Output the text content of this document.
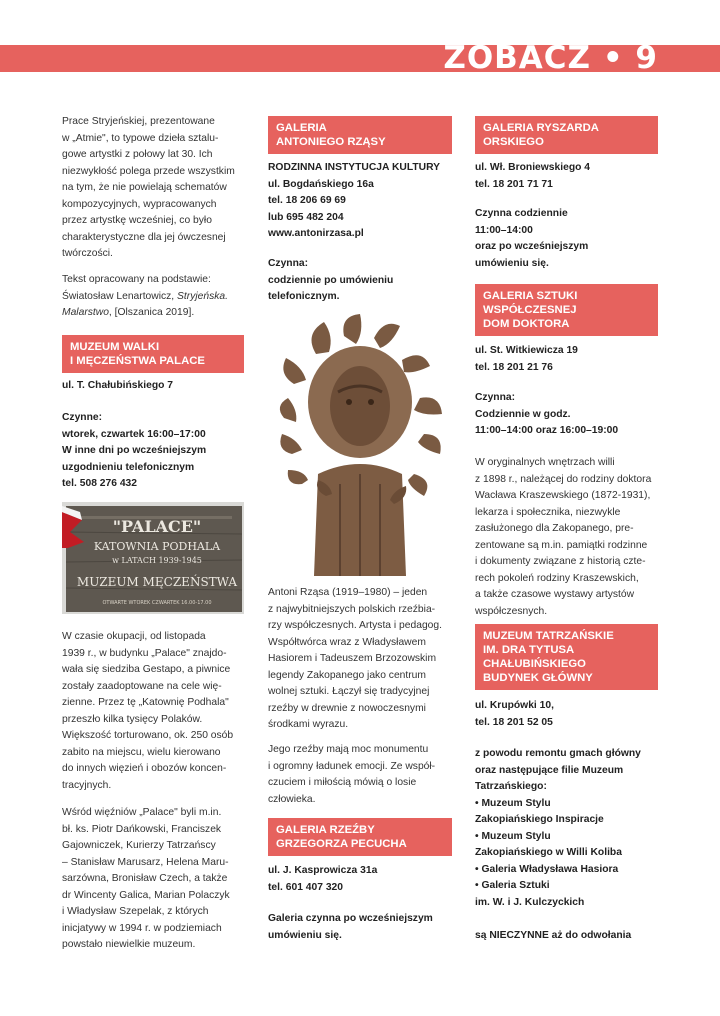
ZOBACZ • 9

Prace Stryjeńskiej, prezentowane
w „Atmie", to typowe dzieła sztalu-
gowe artystki z połowy lat 30. Ich
niezwykłość polega przede wszystkim
na tym, że nie powielają schematów
kompozycyjnych, wypracowanych
przez artystkę wcześniej, co było
charakterystyczne dla jej ówczesnej
twórczości.

Tekst opracowany na podstawie:
Światosław Lenartowicz, Stryjeńska.
Malarstwo, [Olszanica 2019].

MUZEUM WALKI
I MĘCZEŃSTWA PALACE

ul. T. Chałubińskiego 7

Czynne:
wtorek, czwartek 16:00–17:00
W inne dni po wcześniejszym
uzgodnieniu telefonicznym
tel. 508 276 432

"PALACE"
KATOWNIA PODHALA
w LATACH 1939-1945
MUZEUM MĘCZEŃSTWA
OTWARTE WTOREK CZWARTEK 16.00-17.00

W czasie okupacji, od listopada
1939 r., w budynku „Palace" znajdo-
wała się siedziba Gestapo, a piwnice
zostały zaadoptowane na cele wię-
zienne. Przez tę „Katownię Podhala"
przeszło kilka tysięcy Polaków.
Większość torturowano, ok. 250 osób
zabito na miejscu, wielu kierowano
do innych więzień i obozów koncen-
tracyjnych.

Wśród więźniów „Palace" byli m.in.
bł. ks. Piotr Dańkowski, Franciszek
Gajowniczek, Kurierzy Tatrzańscy
– Stanisław Marusarz, Helena Maru-
sarzówna, Bronisław Czech, a także
dr Wincenty Galica, Marian Polaczyk
i Władysław Szepelak, z których
inicjatywy w 1994 r. w podziemiach
powstało niewielkie muzeum.

GALERIA
ANTONIEGO RZĄSY

RODZINNA INSTYTUCJA KULTURY
ul. Bogdańskiego 16a
tel. 18 206 69 69
lub 695 482 204
www.antonirzasa.pl

Czynna:
codziennie po umówieniu
telefonicznym.

Antoni Rząsa (1919–1980) – jeden
z najwybitniejszych polskich rzeźbia-
rzy współczesnych. Artysta i pedagog.
Współtwórca wraz z Władysławem
Hasiorem i Tadeuszem Brzozowskim
legendy Zakopanego jako centrum
wolnej sztuki. Łączył się tradycyjnej
rzeźby w drewnie z nowoczesnymi
środkami wyrazu.

Jego rzeźby mają moc monumentu
i ogromny ładunek emocji. Ze współ-
czuciem i miłością mówią o losie
człowieka.

GALERIA RZEŹBY
GRZEGORZA PECUCHA

ul. J. Kasprowicza 31a
tel. 601 407 320

Galeria czynna po wcześniejszym
umówieniu się.

GALERIA RYSZARDA
ORSKIEGO

ul. Wł. Broniewskiego 4
tel. 18 201 71 71

Czynna codziennie
11:00–14:00
oraz po wcześniejszym
umówieniu się.

GALERIA SZTUKI
WSPÓŁCZESNEJ
DOM DOKTORA

ul. St. Witkiewicza 19
tel. 18 201 21 76

Czynna:
Codziennie w godz.
11:00–14:00 oraz 16:00–19:00

W oryginalnych wnętrzach willi
z 1898 r., należącej do rodziny doktora
Wacława Kraszewskiego (1872-1931),
lekarza i społecznika, niezwykle
zasłużonego dla Zakopanego, pre-
zentowane są m.in. pamiątki rodzinne
i dokumenty związane z historią czte-
rech pokoleń rodziny Kraszewskich,
a także czasowe wystawy artystów
współczesnych.

MUZEUM TATRZAŃSKIE
IM. DRA TYTUSA
CHAŁUBIŃSKIEGO
BUDYNEK GŁÓWNY

ul. Krupówki 10,
tel. 18 201 52 05

z powodu remontu gmach główny
oraz następujące filie Muzeum
Tatrzańskiego:
• Muzeum Stylu
Zakopiańskiego Inspiracje
• Muzeum Stylu
Zakopiańskiego w Willi Koliba
• Galeria Władysława Hasiora
• Galeria Sztuki
im. W. i J. Kulczyckich

są NIECZYNNE aż do odwołania
